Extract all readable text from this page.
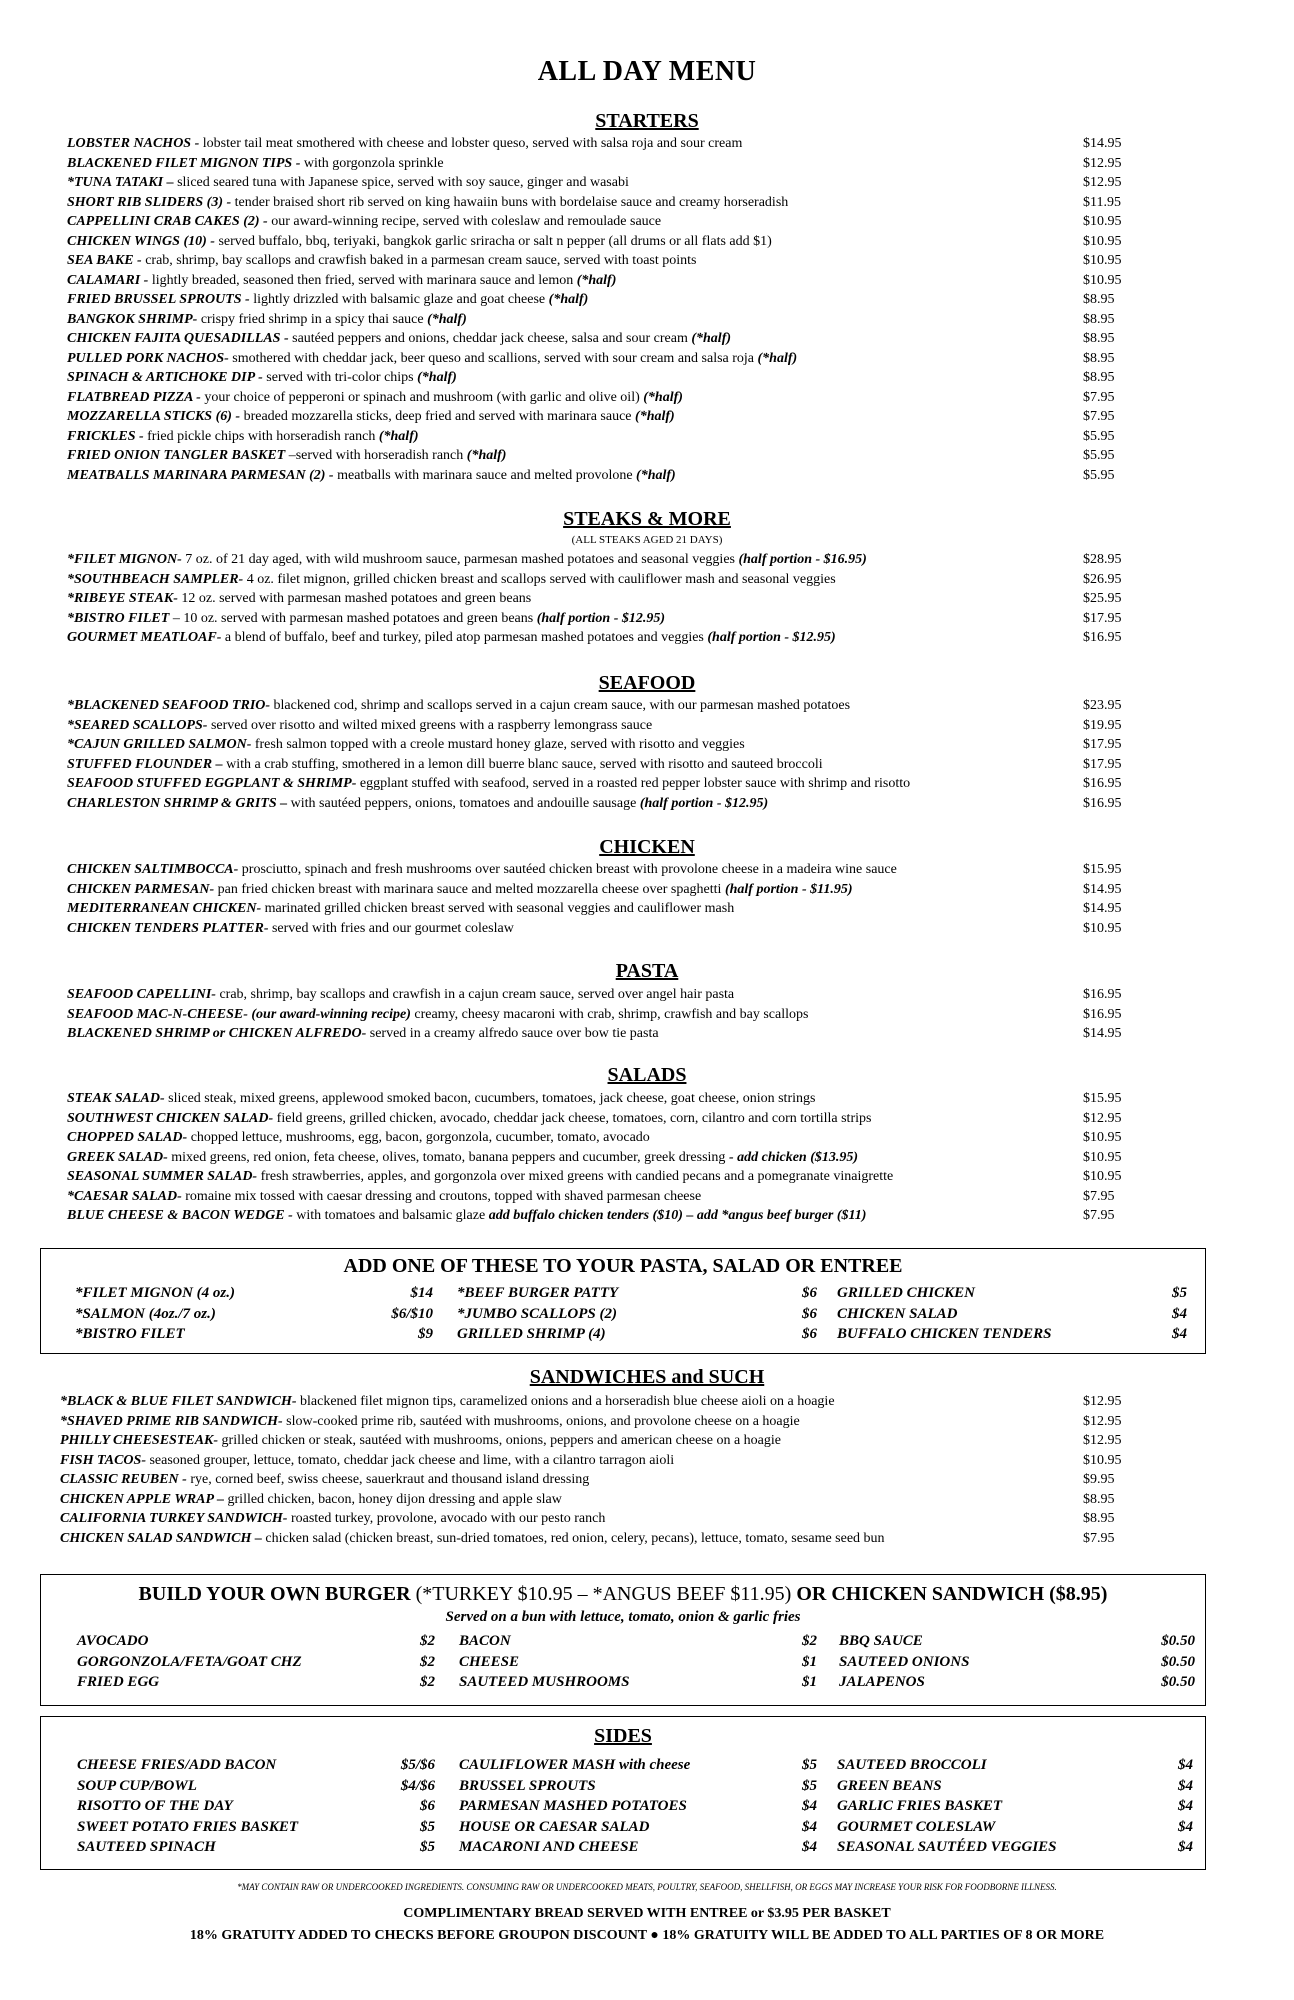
ALL DAY MENU
STARTERS
LOBSTER NACHOS - lobster tail meat smothered with cheese and lobster queso, served with salsa roja and sour cream	$14.95
BLACKENED FILET MIGNON TIPS - with gorgonzola sprinkle	$12.95
*TUNA TATAKI – sliced seared tuna with Japanese spice, served with soy sauce, ginger and wasabi	$12.95
SHORT RIB SLIDERS (3) - tender braised short rib served on king hawaiin buns with bordelaise sauce and creamy horseradish	$11.95
CAPPELLINI CRAB CAKES (2) - our award-winning recipe, served with coleslaw and remoulade sauce	$10.95
CHICKEN WINGS (10) - served buffalo, bbq, teriyaki, bangkok garlic sriracha or salt n pepper (all drums or all flats add $1)	$10.95
SEA BAKE - crab, shrimp, bay scallops and crawfish baked in a parmesan cream sauce, served with toast points	$10.95
CALAMARI - lightly breaded, seasoned then fried, served with marinara sauce and lemon (*half)	$10.95
FRIED BRUSSEL SPROUTS - lightly drizzled with balsamic glaze and goat cheese (*half)	$8.95
BANGKOK SHRIMP- crispy fried shrimp in a spicy thai sauce (*half)	$8.95
CHICKEN FAJITA QUESADILLAS - sautéed peppers and onions, cheddar jack cheese, salsa and sour cream (*half)	$8.95
PULLED PORK NACHOS- smothered with cheddar jack, beer queso and scallions, served with sour cream and salsa roja (*half)	$8.95
SPINACH & ARTICHOKE DIP - served with tri-color chips (*half)	$8.95
FLATBREAD PIZZA - your choice of pepperoni or spinach and mushroom (with garlic and olive oil) (*half)	$7.95
MOZZARELLA STICKS (6) - breaded mozzarella sticks, deep fried and served with marinara sauce (*half)	$7.95
FRICKLES - fried pickle chips with horseradish ranch (*half)	$5.95
FRIED ONION TANGLER BASKET –served with horseradish ranch (*half)	$5.95
MEATBALLS MARINARA PARMESAN (2) - meatballs with marinara sauce and melted provolone (*half)	$5.95
STEAKS & MORE
(ALL STEAKS AGED 21 DAYS)
*FILET MIGNON- 7 oz. of 21 day aged, with wild mushroom sauce, parmesan mashed potatoes and seasonal veggies (half portion - $16.95)	$28.95
*SOUTHBEACH SAMPLER- 4 oz. filet mignon, grilled chicken breast and scallops served with cauliflower mash and seasonal veggies	$26.95
*RIBEYE STEAK- 12 oz. served with parmesan mashed potatoes and green beans	$25.95
*BISTRO FILET – 10 oz. served with parmesan mashed potatoes and green beans (half portion - $12.95)	$17.95
GOURMET MEATLOAF- a blend of buffalo, beef and turkey, piled atop parmesan mashed potatoes and veggies (half portion - $12.95)	$16.95
SEAFOOD
*BLACKENED SEAFOOD TRIO- blackened cod, shrimp and scallops served in a cajun cream sauce, with our parmesan mashed potatoes	$23.95
*SEARED SCALLOPS- served over risotto and wilted mixed greens with a raspberry lemongrass sauce	$19.95
*CAJUN GRILLED SALMON- fresh salmon topped with a creole mustard honey glaze, served with risotto and veggies	$17.95
STUFFED FLOUNDER – with a crab stuffing, smothered in a lemon dill buerre blanc sauce, served with risotto and sauteed broccoli	$17.95
SEAFOOD STUFFED EGGPLANT & SHRIMP- eggplant stuffed with seafood, served in a roasted red pepper lobster sauce with shrimp and risotto	$16.95
CHARLESTON SHRIMP & GRITS – with sautéed peppers, onions, tomatoes and andouille sausage (half portion - $12.95)	$16.95
CHICKEN
CHICKEN SALTIMBOCCA- prosciutto, spinach and fresh mushrooms over sautéed chicken breast with provolone cheese in a madeira wine sauce	$15.95
CHICKEN PARMESAN- pan fried chicken breast with marinara sauce and melted mozzarella cheese over spaghetti (half portion - $11.95)	$14.95
MEDITERRANEAN CHICKEN- marinated grilled chicken breast served with seasonal veggies and cauliflower mash	$14.95
CHICKEN TENDERS PLATTER- served with fries and our gourmet coleslaw	$10.95
PASTA
SEAFOOD CAPELLINI- crab, shrimp, bay scallops and crawfish in a cajun cream sauce, served over angel hair pasta	$16.95
SEAFOOD MAC-N-CHEESE- (our award-winning recipe) creamy, cheesy macaroni with crab, shrimp, crawfish and bay scallops	$16.95
BLACKENED SHRIMP or CHICKEN ALFREDO- served in a creamy alfredo sauce over bow tie pasta	$14.95
SALADS
STEAK SALAD- sliced steak, mixed greens, applewood smoked bacon, cucumbers, tomatoes, jack cheese, goat cheese, onion strings	$15.95
SOUTHWEST CHICKEN SALAD- field greens, grilled chicken, avocado, cheddar jack cheese, tomatoes, corn, cilantro and corn tortilla strips	$12.95
CHOPPED SALAD- chopped lettuce, mushrooms, egg, bacon, gorgonzola, cucumber, tomato, avocado	$10.95
GREEK SALAD- mixed greens, red onion, feta cheese, olives, tomato, banana peppers and cucumber, greek dressing - add chicken ($13.95)	$10.95
SEASONAL SUMMER SALAD- fresh strawberries, apples, and gorgonzola over mixed greens with candied pecans and a pomegranate vinaigrette	$10.95
*CAESAR SALAD- romaine mix tossed with caesar dressing and croutons, topped with shaved parmesan cheese	$7.95
BLUE CHEESE & BACON WEDGE - with tomatoes and balsamic glaze add buffalo chicken tenders ($10) – add *angus beef burger ($11)	$7.95
ADD ONE OF THESE TO YOUR PASTA, SALAD OR ENTREE
*FILET MIGNON (4 oz.)	$14
*SALMON (4oz./7 oz.)	$6/$10
*BISTRO FILET	$9
*BEEF BURGER PATTY	$6
*JUMBO SCALLOPS (2)	$6
GRILLED SHRIMP (4)	$6
GRILLED CHICKEN	$5
CHICKEN SALAD	$4
BUFFALO CHICKEN TENDERS	$4
SANDWICHES and SUCH
*BLACK & BLUE FILET SANDWICH- blackened filet mignon tips, caramelized onions and a horseradish blue cheese aioli on a hoagie	$12.95
*SHAVED PRIME RIB SANDWICH- slow-cooked prime rib, sautéed with mushrooms, onions, and provolone cheese on a hoagie	$12.95
PHILLY CHEESESTEAK- grilled chicken or steak, sautéed with mushrooms, onions, peppers and american cheese on a hoagie	$12.95
FISH TACOS- seasoned grouper, lettuce, tomato, cheddar jack cheese and lime, with a cilantro tarragon aioli	$10.95
CLASSIC REUBEN - rye, corned beef, swiss cheese, sauerkraut and thousand island dressing	$9.95
CHICKEN APPLE WRAP – grilled chicken, bacon, honey dijon dressing and apple slaw	$8.95
CALIFORNIA TURKEY SANDWICH- roasted turkey, provolone, avocado with our pesto ranch	$8.95
CHICKEN SALAD SANDWICH – chicken salad (chicken breast, sun-dried tomatoes, red onion, celery, pecans), lettuce, tomato, sesame seed bun	$7.95
BUILD YOUR OWN BURGER (*TURKEY $10.95 – *ANGUS BEEF $11.95) OR CHICKEN SANDWICH ($8.95)
Served on a bun with lettuce, tomato, onion & garlic fries
AVOCADO	$2
GORGONZOLA/FETA/GOAT CHZ	$2
FRIED EGG	$2
BACON	$2
CHEESE	$1
SAUTEED MUSHROOMS	$1
BBQ SAUCE	$0.50
SAUTEED ONIONS	$0.50
JALAPENOS	$0.50
SIDES
CHEESE FRIES/ADD BACON	$5/$6
SOUP CUP/BOWL	$4/$6
RISOTTO OF THE DAY	$6
SWEET POTATO FRIES BASKET	$5
SAUTEED SPINACH	$5
CAULIFLOWER MASH with cheese	$5
BRUSSEL SPROUTS	$5
PARMESAN MASHED POTATOES	$4
HOUSE OR CAESAR SALAD	$4
MACARONI AND CHEESE	$4
SAUTEED BROCCOLI	$4
GREEN BEANS	$4
GARLIC FRIES BASKET	$4
GOURMET COLESLAW	$4
SEASONAL SAUTÉED VEGGIES	$4
*MAY CONTAIN RAW OR UNDERCOOKED INGREDIENTS. CONSUMING RAW OR UNDERCOOKED MEATS, POULTRY, SEAFOOD, SHELLFISH, OR EGGS MAY INCREASE YOUR RISK FOR FOODBORNE ILLNESS.
COMPLIMENTARY BREAD SERVED WITH ENTREE or $3.95 PER BASKET
18% GRATUITY ADDED TO CHECKS BEFORE GROUPON DISCOUNT ● 18% GRATUITY WILL BE ADDED TO ALL PARTIES OF 8 OR MORE
